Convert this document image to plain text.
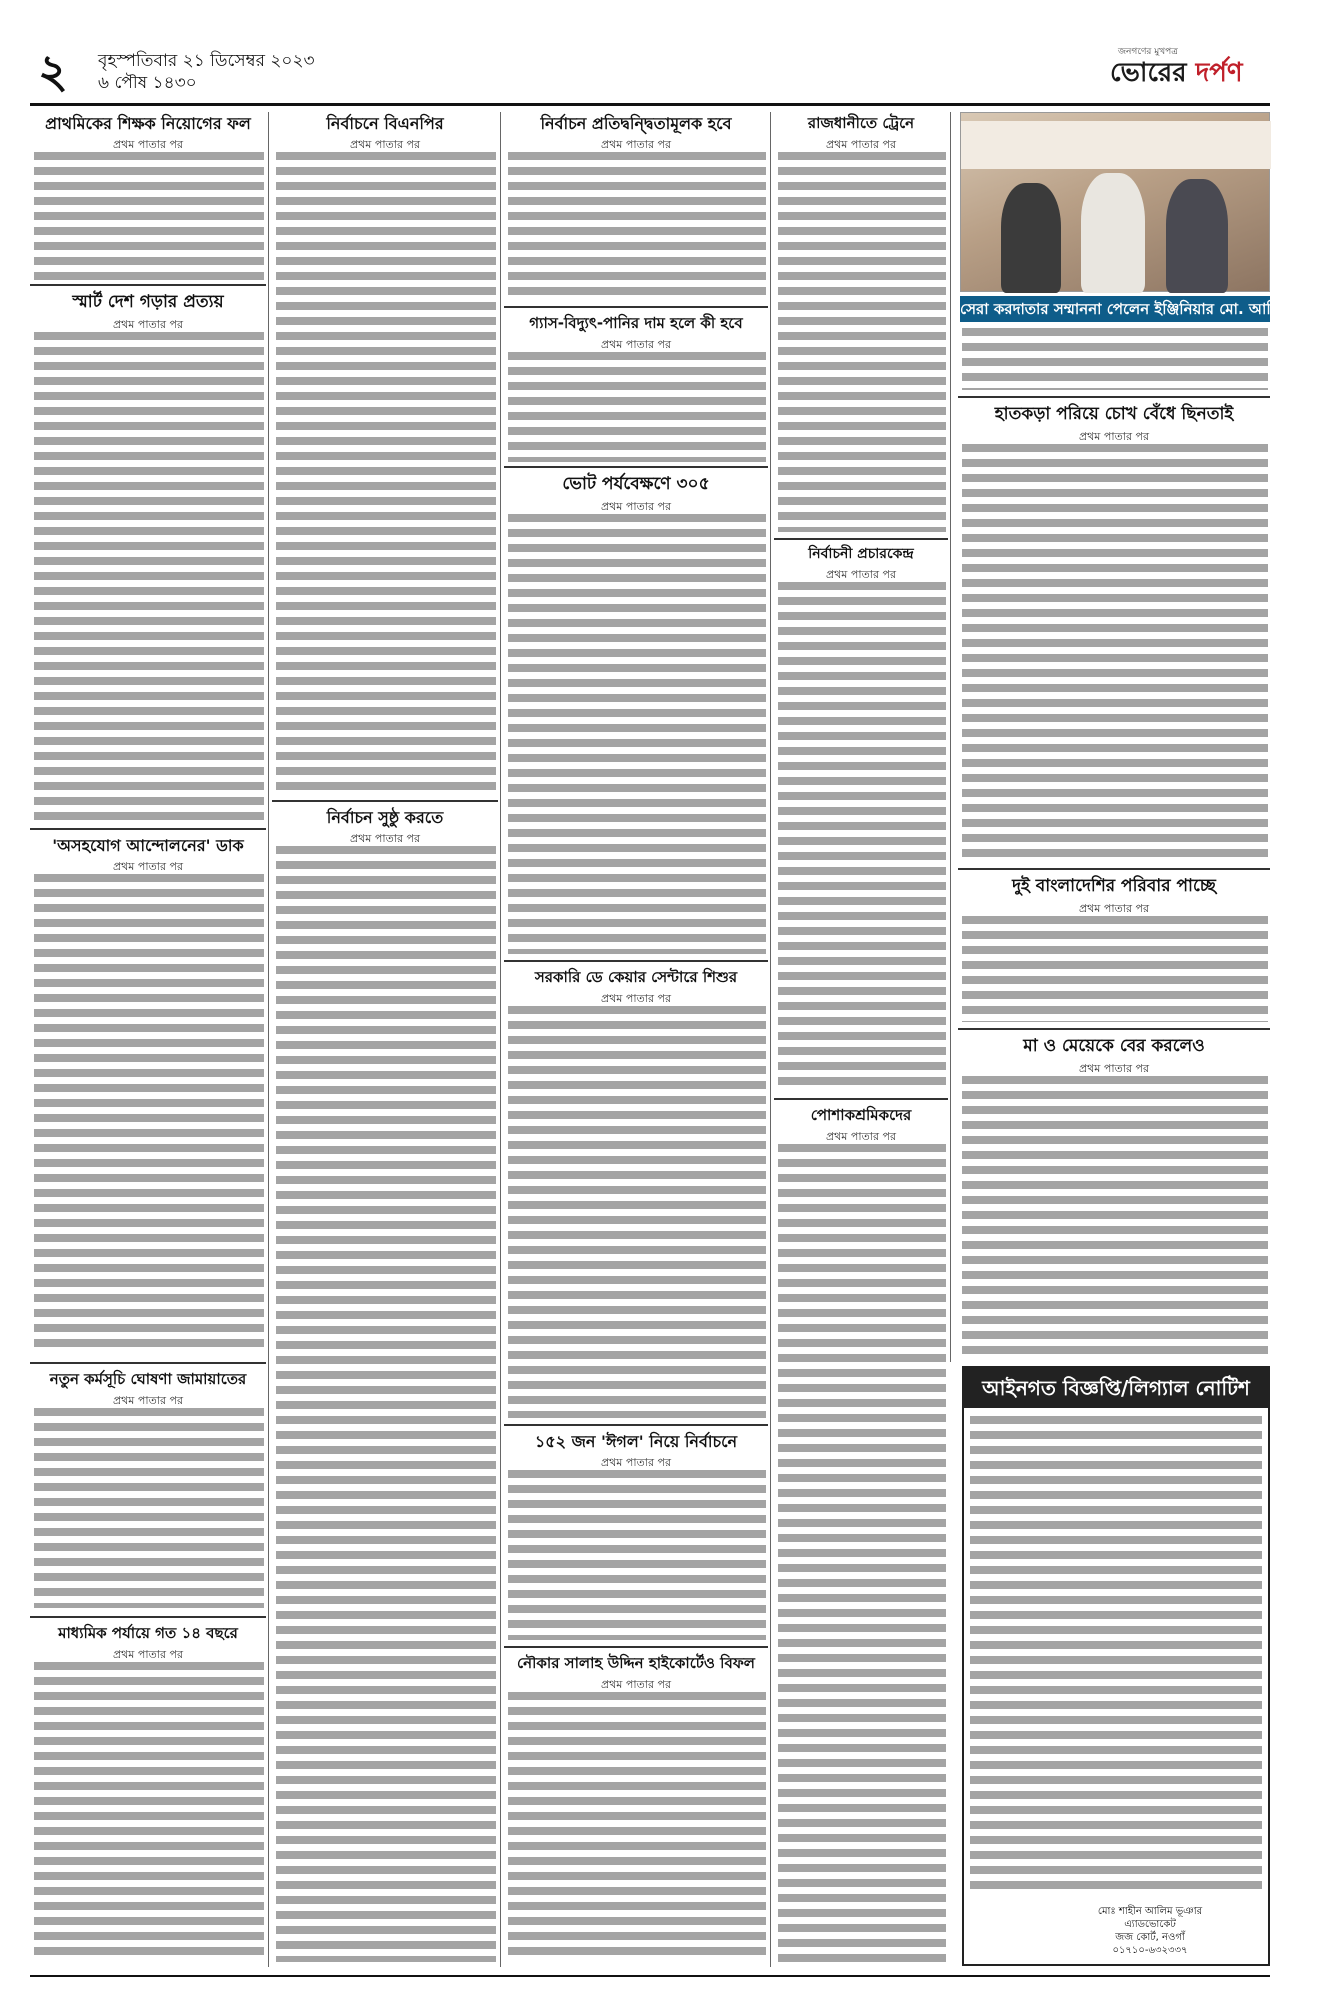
২ বৃহস্পতিবার ২১ ডিসেম্বর ২০২৩
৬ পৌষ ১৪৩০
জনগণের মুখপত্র
ভোরের দর্পণ
প্রাথমিকের শিক্ষক নিয়োগের ফল
প্রথম পাতার পর
স্মার্ট দেশ গড়ার প্রত্যয়
প্রথম পাতার পর
'অসহযোগ আন্দোলনের' ডাক
প্রথম পাতার পর
নতুন কর্মসূচি ঘোষণা জামায়াতের
প্রথম পাতার পর
মাধ্যমিক পর্যায়ে গত ১৪ বছরে
প্রথম পাতার পর
নির্বাচনে বিএনপির
প্রথম পাতার পর
নির্বাচন সুষ্ঠু করতে
প্রথম পাতার পর
নির্বাচন প্রতিদ্বন্দ্বিতামূলক হবে
প্রথম পাতার পর
গ্যাস-বিদ্যুৎ-পানির দাম হলে কী হবে
প্রথম পাতার পর
ভোট পর্যবেক্ষণে ৩০৫
প্রথম পাতার পর
সরকারি ডে কেয়ার সেন্টারে শিশুর
প্রথম পাতার পর
১৫২ জন 'ঈগল' নিয়ে নির্বাচনে
প্রথম পাতার পর
নৌকার সালাহ উদ্দিন হাইকোর্টেও বিফল
প্রথম পাতার পর
রাজধানীতে ট্রেনে
প্রথম পাতার পর
নির্বাচনী প্রচারকেন্দ্র
প্রথম পাতার পর
পোশাকশ্রমিকদের
প্রথম পাতার পর
সেরা করদাতার সম্মাননা পেলেন ইঞ্জিনিয়ার মো. আতিকুর রহমান
হাতকড়া পরিয়ে চোখ বেঁধে ছিনতাই
প্রথম পাতার পর
দুই বাংলাদেশির পরিবার পাচ্ছে
প্রথম পাতার পর
মা ও মেয়েকে বের করলেও
প্রথম পাতার পর
আইনগত বিজ্ঞপ্তি/লিগ্যাল নোটিশ
মোঃ শাহীন আলিম ভূঞার
এ্যাডভোকেট
জজ কোর্ট, নওগাঁ
০১৭১০-৬৩২৩৩৭
